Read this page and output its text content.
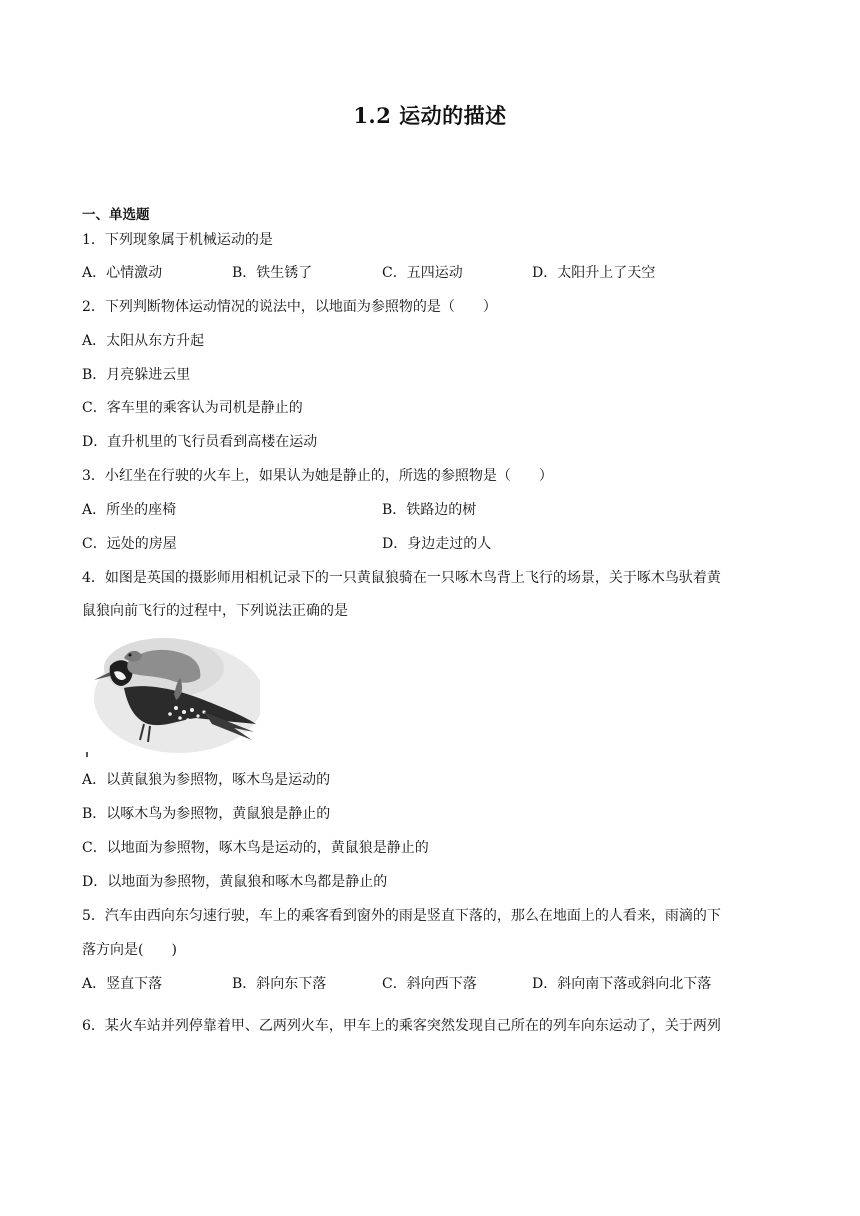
1.2 运动的描述
一、单选题
1．下列现象属于机械运动的是
A．心情激动	B．铁生锈了	C．五四运动	D．太阳升上了天空
2．下列判断物体运动情况的说法中，以地面为参照物的是（　　）
A．太阳从东方升起
B．月亮躲进云里
C．客车里的乘客认为司机是静止的
D．直升机里的飞行员看到高楼在运动
3．小红坐在行驶的火车上，如果认为她是静止的，所选的参照物是（　　）
A．所坐的座椅	B．铁路边的树
C．远处的房屋	D．身边走过的人
4．如图是英国的摄影师用相机记录下的一只黄鼠狼骑在一只啄木鸟背上飞行的场景，关于啄木鸟驮着黄
鼠狼向前飞行的过程中，下列说法正确的是
A．以黄鼠狼为参照物，啄木鸟是运动的
B．以啄木鸟为参照物，黄鼠狼是静止的
C．以地面为参照物，啄木鸟是运动的，黄鼠狼是静止的
D．以地面为参照物，黄鼠狼和啄木鸟都是静止的
5．汽车由西向东匀速行驶，车上的乘客看到窗外的雨是竖直下落的，那么在地面上的人看来，雨滴的下
落方向是(　　)
A．竖直下落	B．斜向东下落	C．斜向西下落	D．斜向南下落或斜向北下落
6．某火车站并列停靠着甲、乙两列火车，甲车上的乘客突然发现自己所在的列车向东运动了，关于两列
